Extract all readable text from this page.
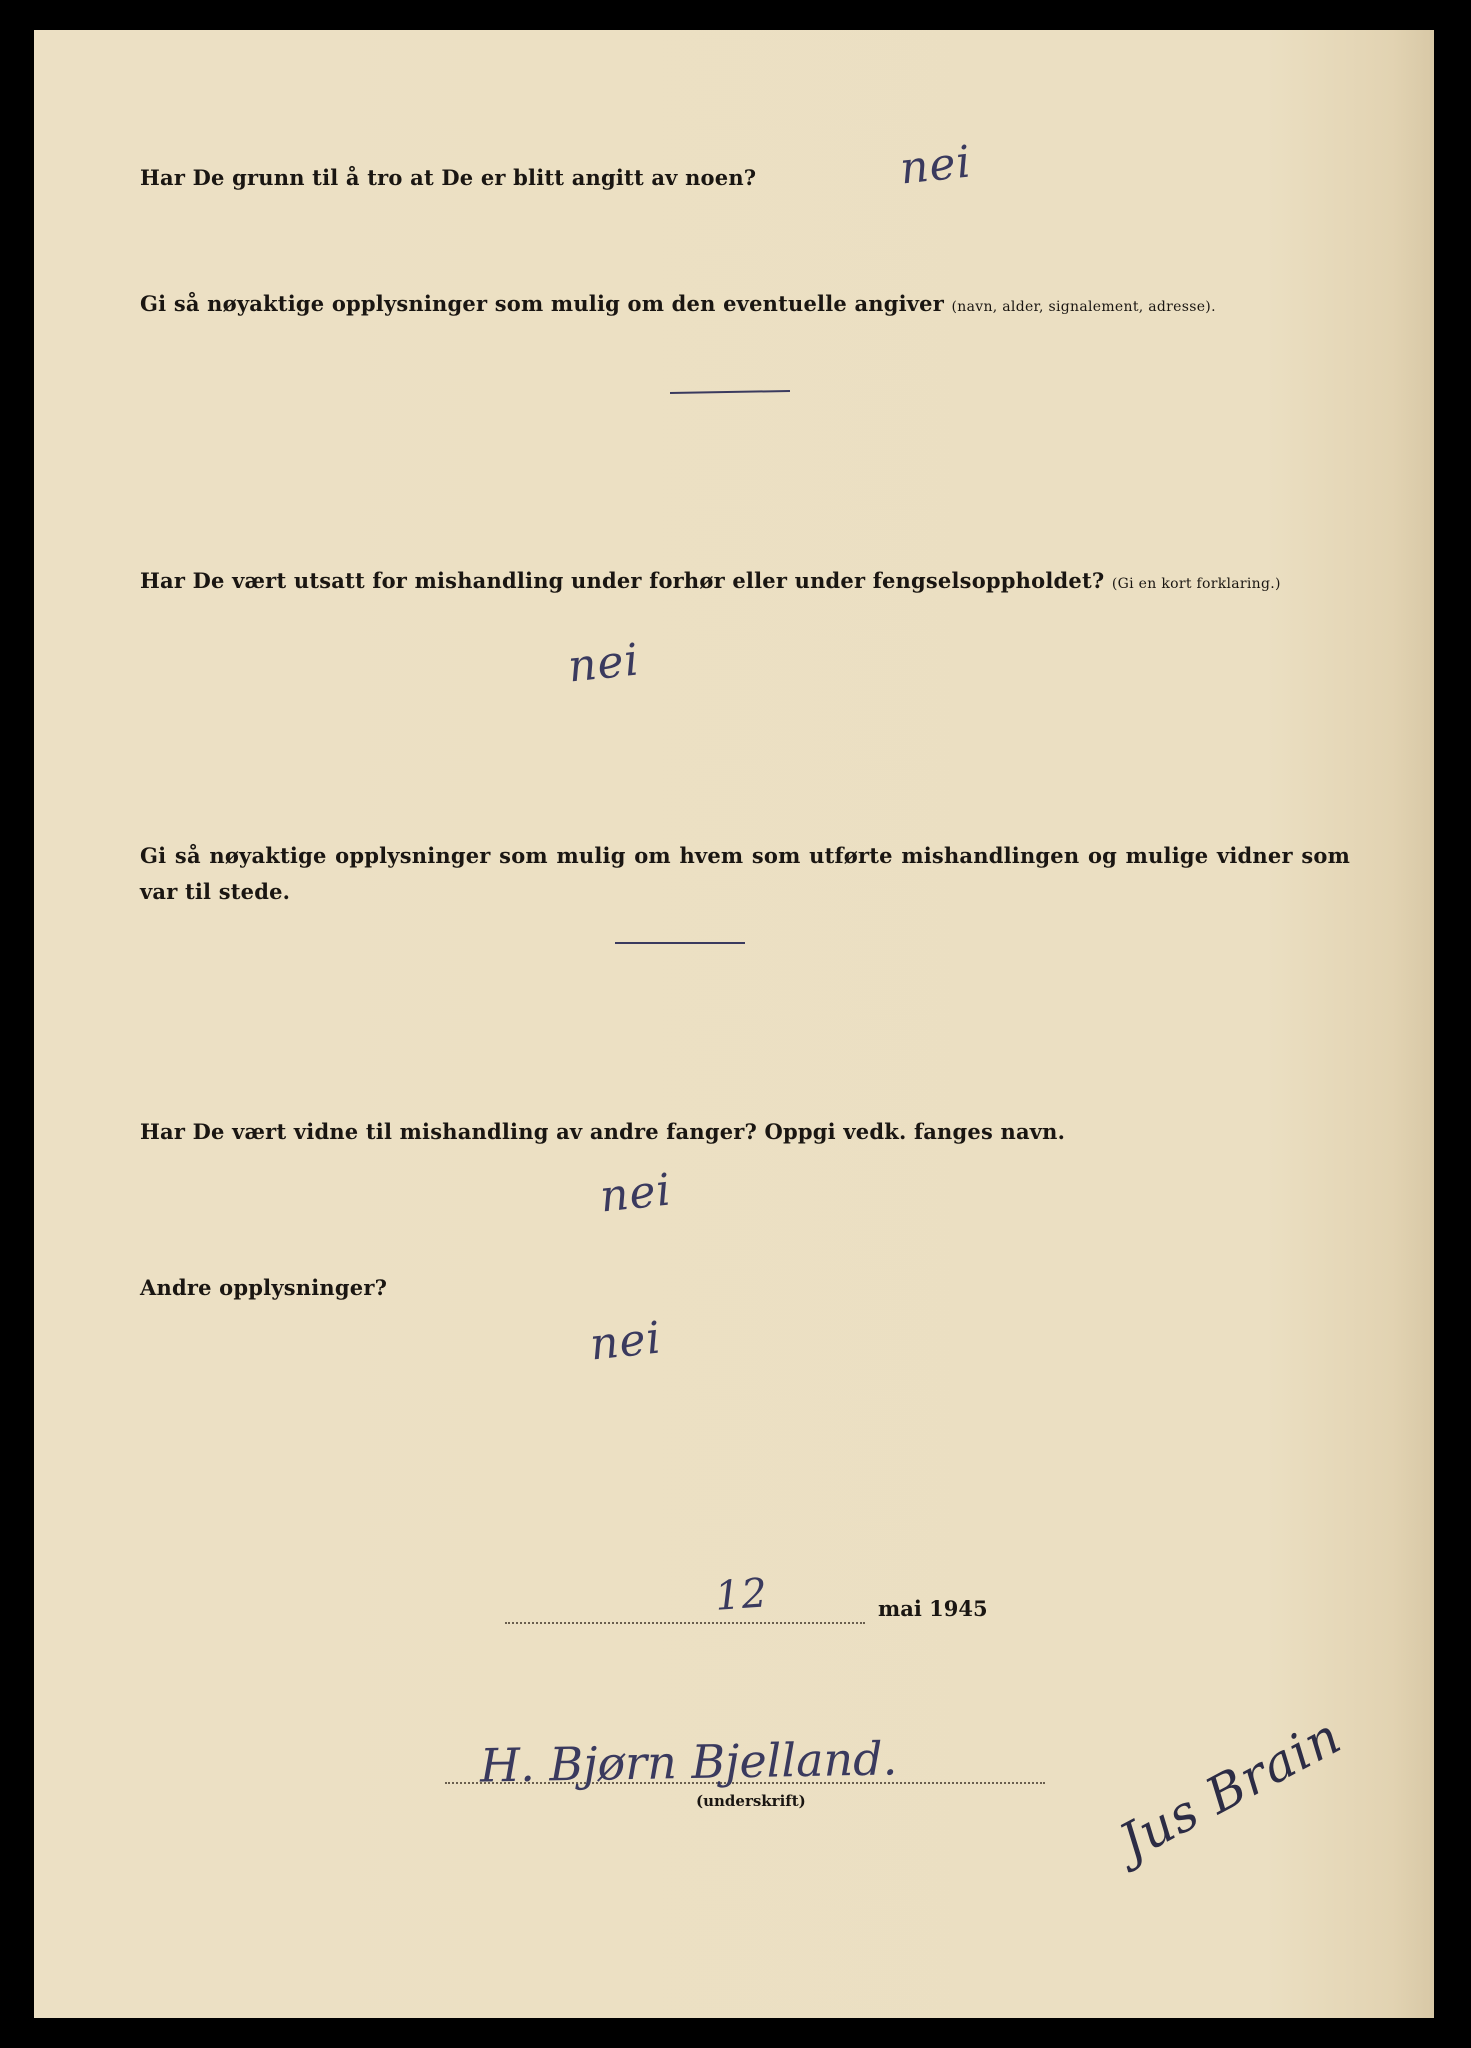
Har De grunn til å tro at De er blitt angitt av noen?	nei
Gi så nøyaktige opplysninger som mulig om den eventuelle angiver (navn, alder, signalement, adresse).
Har De vært utsatt for mishandling under forhør eller under fengselsoppholdet? (Gi en kort forklaring.)
nei
Gi så nøyaktige opplysninger som mulig om hvem som utførte mishandlingen og mulige vidner som var til stede.
Har De vært vidne til mishandling av andre fanger? Oppgi vedk. fanges navn.
nei
Andre opplysninger?
nei
12	mai 1945
H. Bjørn Bjelland.
(underskrift)	Jus Brain
